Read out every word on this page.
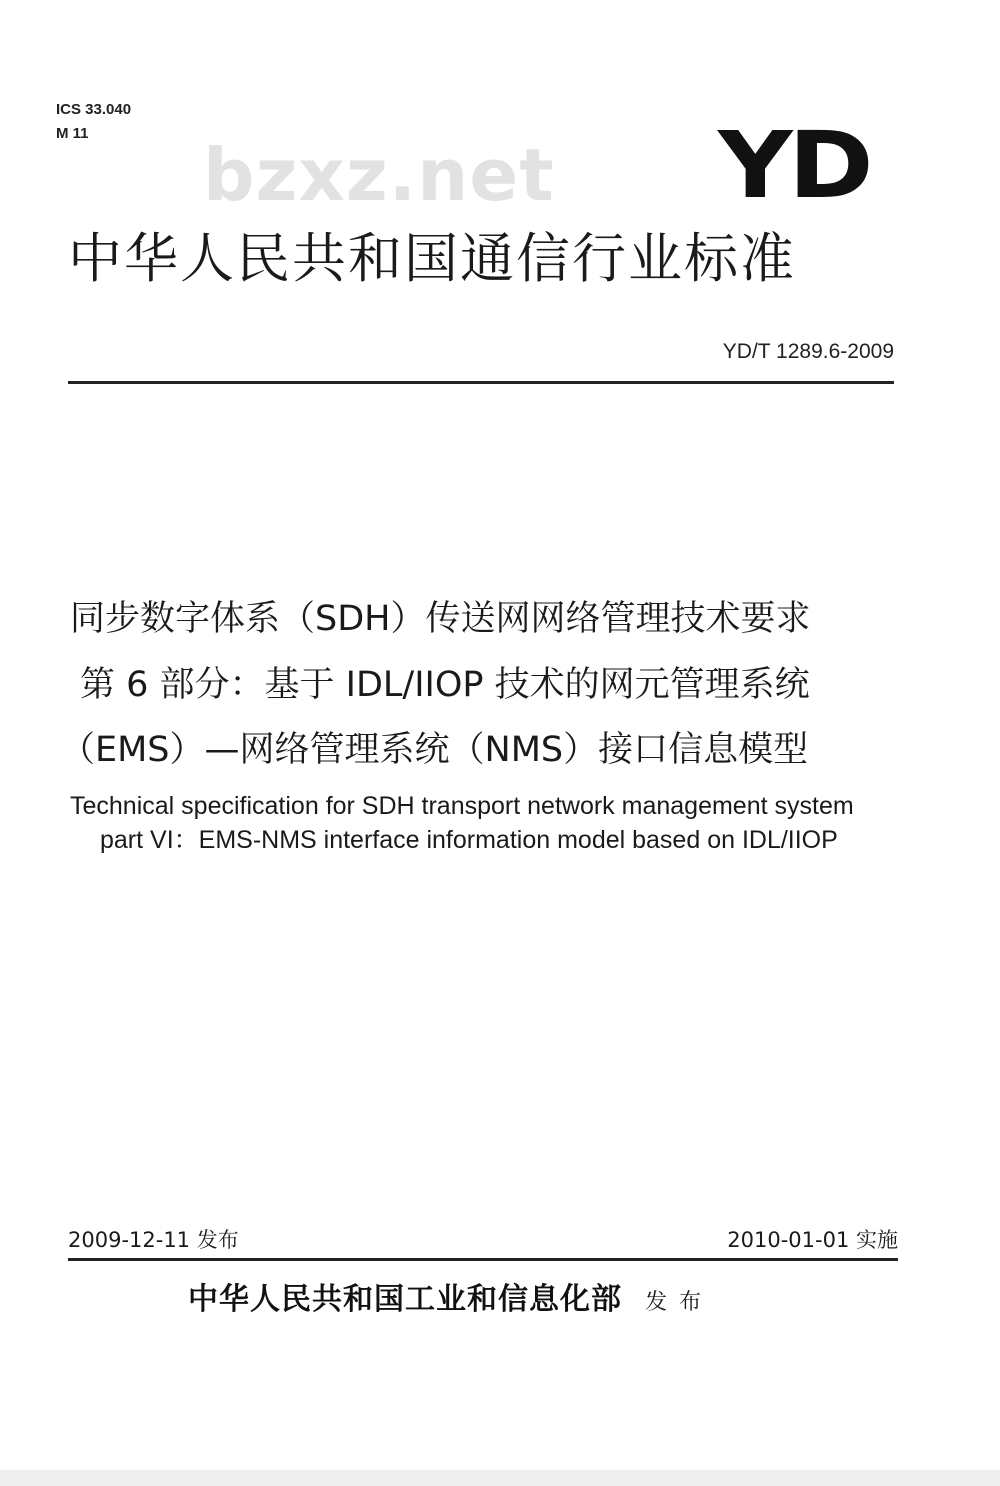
ICS 33.040
M 11	bzxz.net YD
中华人民共和国通信行业标准
YD/T 1289.6-2009
同步数字体系（SDH）传送网网络管理技术要求
第 6 部分：基于 IDL/IIOP 技术的网元管理系统
（EMS）—网络管理系统（NMS）接口信息模型
Technical specification for SDH transport network management system
part VI：EMS-NMS interface information model based on IDL/IIOP
2009-12-11 发布	2010-01-01 实施
中华人民共和国工业和信息化部 发布
